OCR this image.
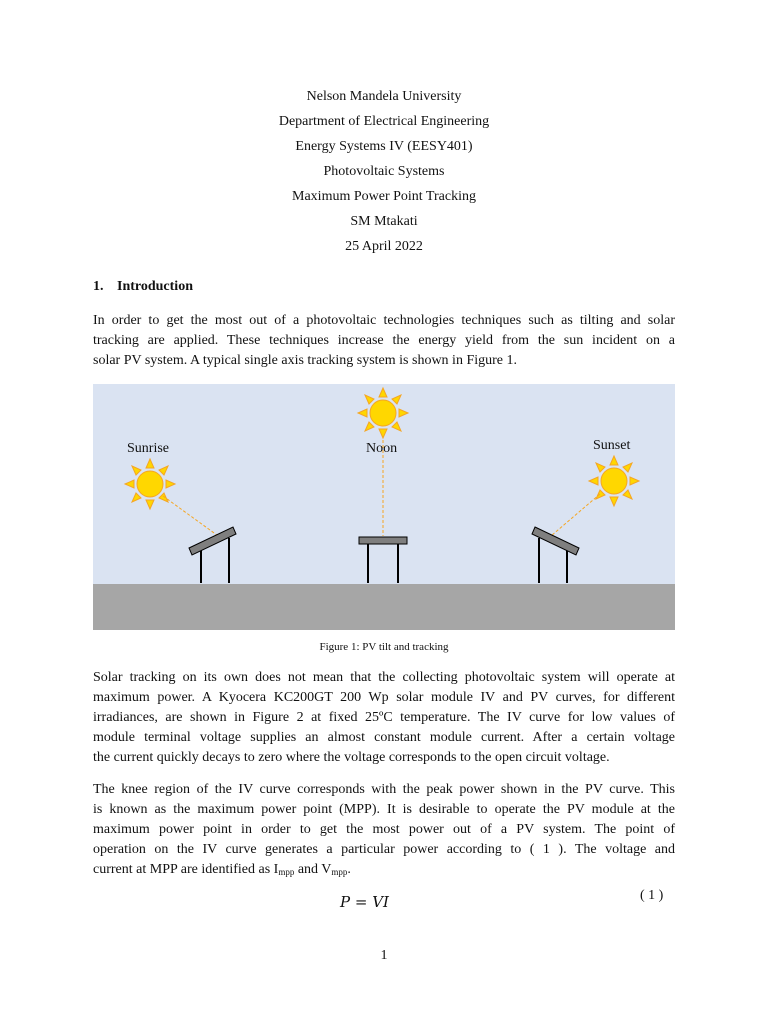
Nelson Mandela University
Department of Electrical Engineering
Energy Systems IV (EESY401)
Photovoltaic Systems
Maximum Power Point Tracking
SM Mtakati
25 April 2022
1. Introduction
In order to get the most out of a photovoltaic technologies techniques such as tilting and solar
tracking are applied. These techniques increase the energy yield from the sun incident on a
solar PV system. A typical single axis tracking system is shown in Figure 1.
Sunrise	Noon	Sunset
Figure 1: PV tilt and tracking
Solar tracking on its own does not mean that the collecting photovoltaic system will operate at
maximum power. A Kyocera KC200GT 200 Wp solar module IV and PV curves, for different
irradiances, are shown in Figure 2 at fixed 25ºC temperature. The IV curve for low values of
module terminal voltage supplies an almost constant module current. After a certain voltage
the current quickly decays to zero where the voltage corresponds to the open circuit voltage.
The knee region of the IV curve corresponds with the peak power shown in the PV curve. This
is known as the maximum power point (MPP). It is desirable to operate the PV module at the
maximum power point in order to get the most power out of a PV system. The point of
operation on the IV curve generates a particular power according to ( 1 ). The voltage and
current at MPP are identified as $I_{mpp}$ and $V_{mpp}$.
P = VI	( 1 )
1
